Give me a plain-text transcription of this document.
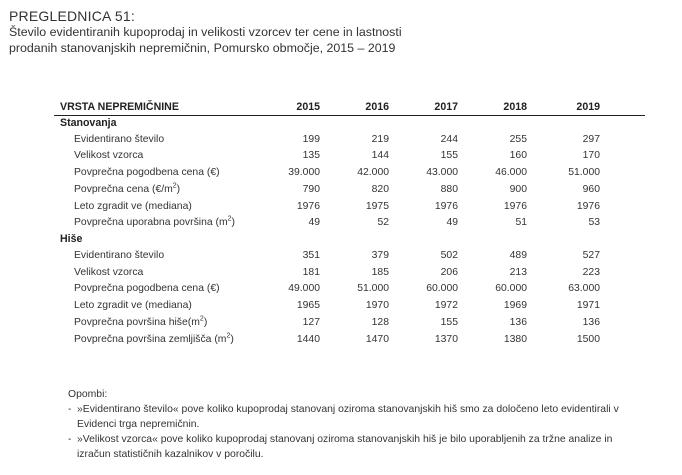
PREGLEDNICA 51:
Število evidentiranih kupoprodaj in velikosti vzorcev ter cene in lastnosti
prodanih stanovanjskih nepremičnin, Pomursko območje, 2015 – 2019
VRSTA NEPREMIČNINE	2015	2016	2017	2018	2019
Stanovanja
Evidentirano število	199	219	244	255	297
Velikost vzorca	135	144	155	160	170
Povprečna pogodbena cena (€)	39.000	42.000	43.000	46.000	51.000
Povprečna cena $(€/m^2)$	790	820	880	900	960
Leto zgradit ve (mediana)	1976	1975	1976	1976	1976
Povprečna uporabna površina $(m^2)$	49	52	49	51	53
Hiše
Evidentirano število	351	379	502	489	527
Velikost vzorca	181	185	206	213	223
Povprečna pogodbena cena (€)	49.000	51.000	60.000	60.000	63.000
Leto zgradit ve (mediana)	1965	1970	1972	1969	1971
Povprečna površina $hiše(m^2)$	127	128	155	136	136
Povprečna površina zemljišča $(m^2)$	1440	1470	1370	1380	1500
Opombi:
- »Evidentirano število« pove koliko kupoprodaj stanovanj oziroma stanovanjskih hiš smo za določeno leto evidentirali v
Evidenci trga nepremičnin.
- »Velikost vzorca« pove koliko kupoprodaj stanovanj oziroma stanovanjskih hiš je bilo uporabljenih za tržne analize in
izračun statističnih kazalnikov v poročilu.
